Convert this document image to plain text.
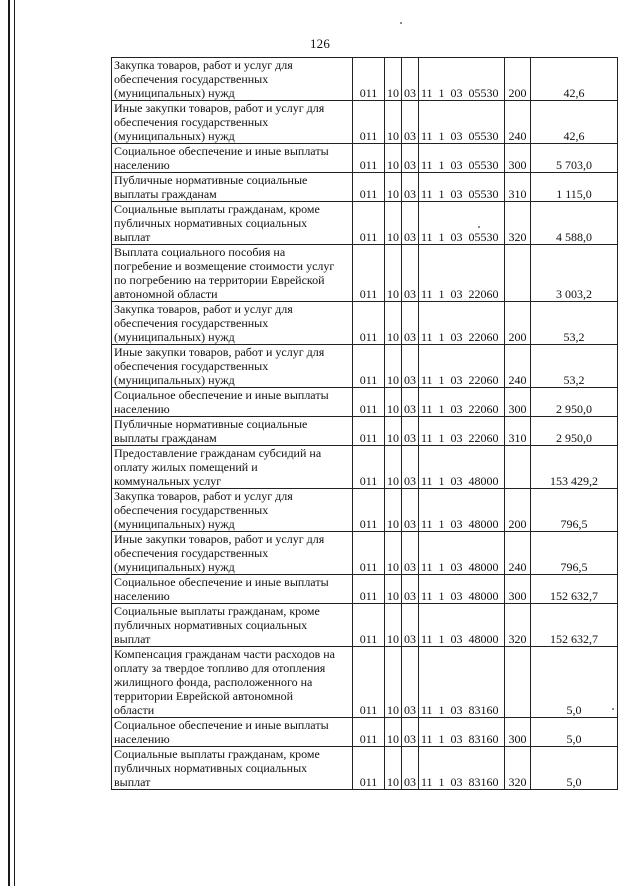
126
Закупка товаров, работ и услуг для
обеспечения государственных
(муниципальных) нужд	011	10	03	11 1 03 05530	200	42,6

Иные закупки товаров, работ и услуг для
обеспечения государственных
(муниципальных) нужд	011	10	03	11 1 03 05530	240	42,6

Социальное обеспечение и иные выплаты
населению	011	10	03	11 1 03 05530	300	5 703,0

Публичные нормативные социальные
выплаты гражданам	011	10	03	11 1 03 05530	310	1 115,0

Социальные выплаты гражданам, кроме
публичных нормативных социальных
выплат	011	10	03	11 1 03 05530	320	4 588,0

Выплата социального пособия на
погребение и возмещение стоимости услуг
по погребению на территории Еврейской
автономной области	011	10	03	11 1 03 22060		3 003,2

Закупка товаров, работ и услуг для
обеспечения государственных
(муниципальных) нужд	011	10	03	11 1 03 22060	200	53,2

Иные закупки товаров, работ и услуг для
обеспечения государственных
(муниципальных) нужд	011	10	03	11 1 03 22060	240	53,2

Социальное обеспечение и иные выплаты
населению	011	10	03	11 1 03 22060	300	2 950,0

Публичные нормативные социальные
выплаты гражданам	011	10	03	11 1 03 22060	310	2 950,0

Предоставление гражданам субсидий на
оплату жилых помещений и
коммунальных услуг	011	10	03	11 1 03 48000		153 429,2

Закупка товаров, работ и услуг для
обеспечения государственных
(муниципальных) нужд	011	10	03	11 1 03 48000	200	796,5

Иные закупки товаров, работ и услуг для
обеспечения государственных
(муниципальных) нужд	011	10	03	11 1 03 48000	240	796,5

Социальное обеспечение и иные выплаты
населению	011	10	03	11 1 03 48000	300	152 632,7

Социальные выплаты гражданам, кроме
публичных нормативных социальных
выплат	011	10	03	11 1 03 48000	320	152 632,7

Компенсация гражданам части расходов на
оплату за твердое топливо для отопления
жилищного фонда, расположенного на
территории Еврейской автономной
области	011	10	03	11 1 03 83160		5,0

Социальное обеспечение и иные выплаты
населению	011	10	03	11 1 03 83160	300	5,0

Социальные выплаты гражданам, кроме
публичных нормативных социальных
выплат	011	10	03	11 1 03 83160	320	5,0
